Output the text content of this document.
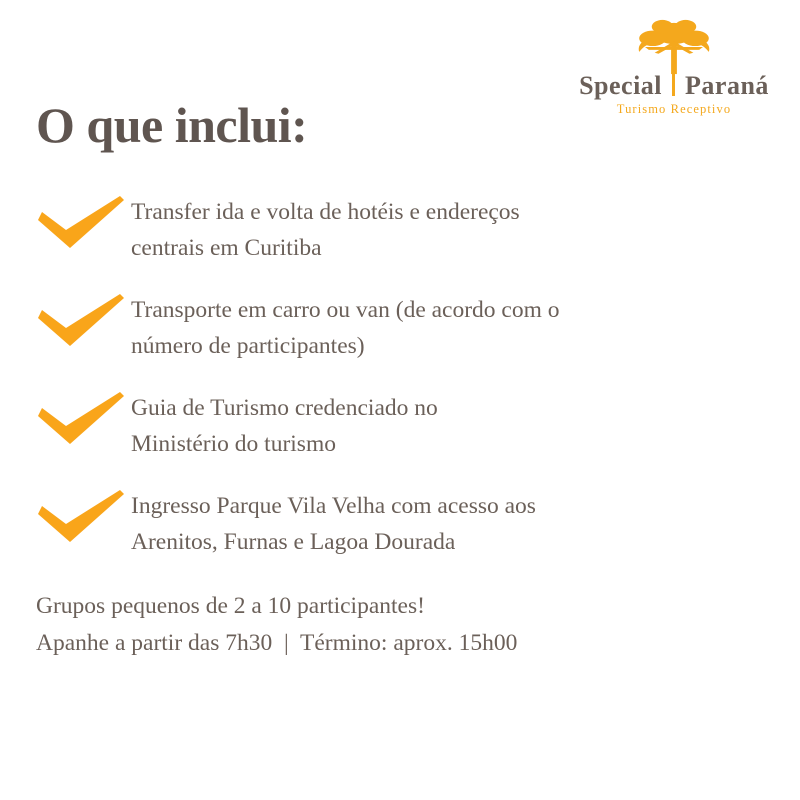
Special Paraná
Turismo Receptivo
O que inclui:
Transfer ida e volta de hotéis e endereços
centrais em Curitiba
Transporte em carro ou van (de acordo com o
número de participantes)
Guia de Turismo credenciado no
Ministério do turismo
Ingresso Parque Vila Velha com acesso aos
Arenitos, Furnas e Lagoa Dourada
Grupos pequenos de 2 a 10 participantes!
Apanhe a partir das 7h30  |  Término: aprox. 15h00
